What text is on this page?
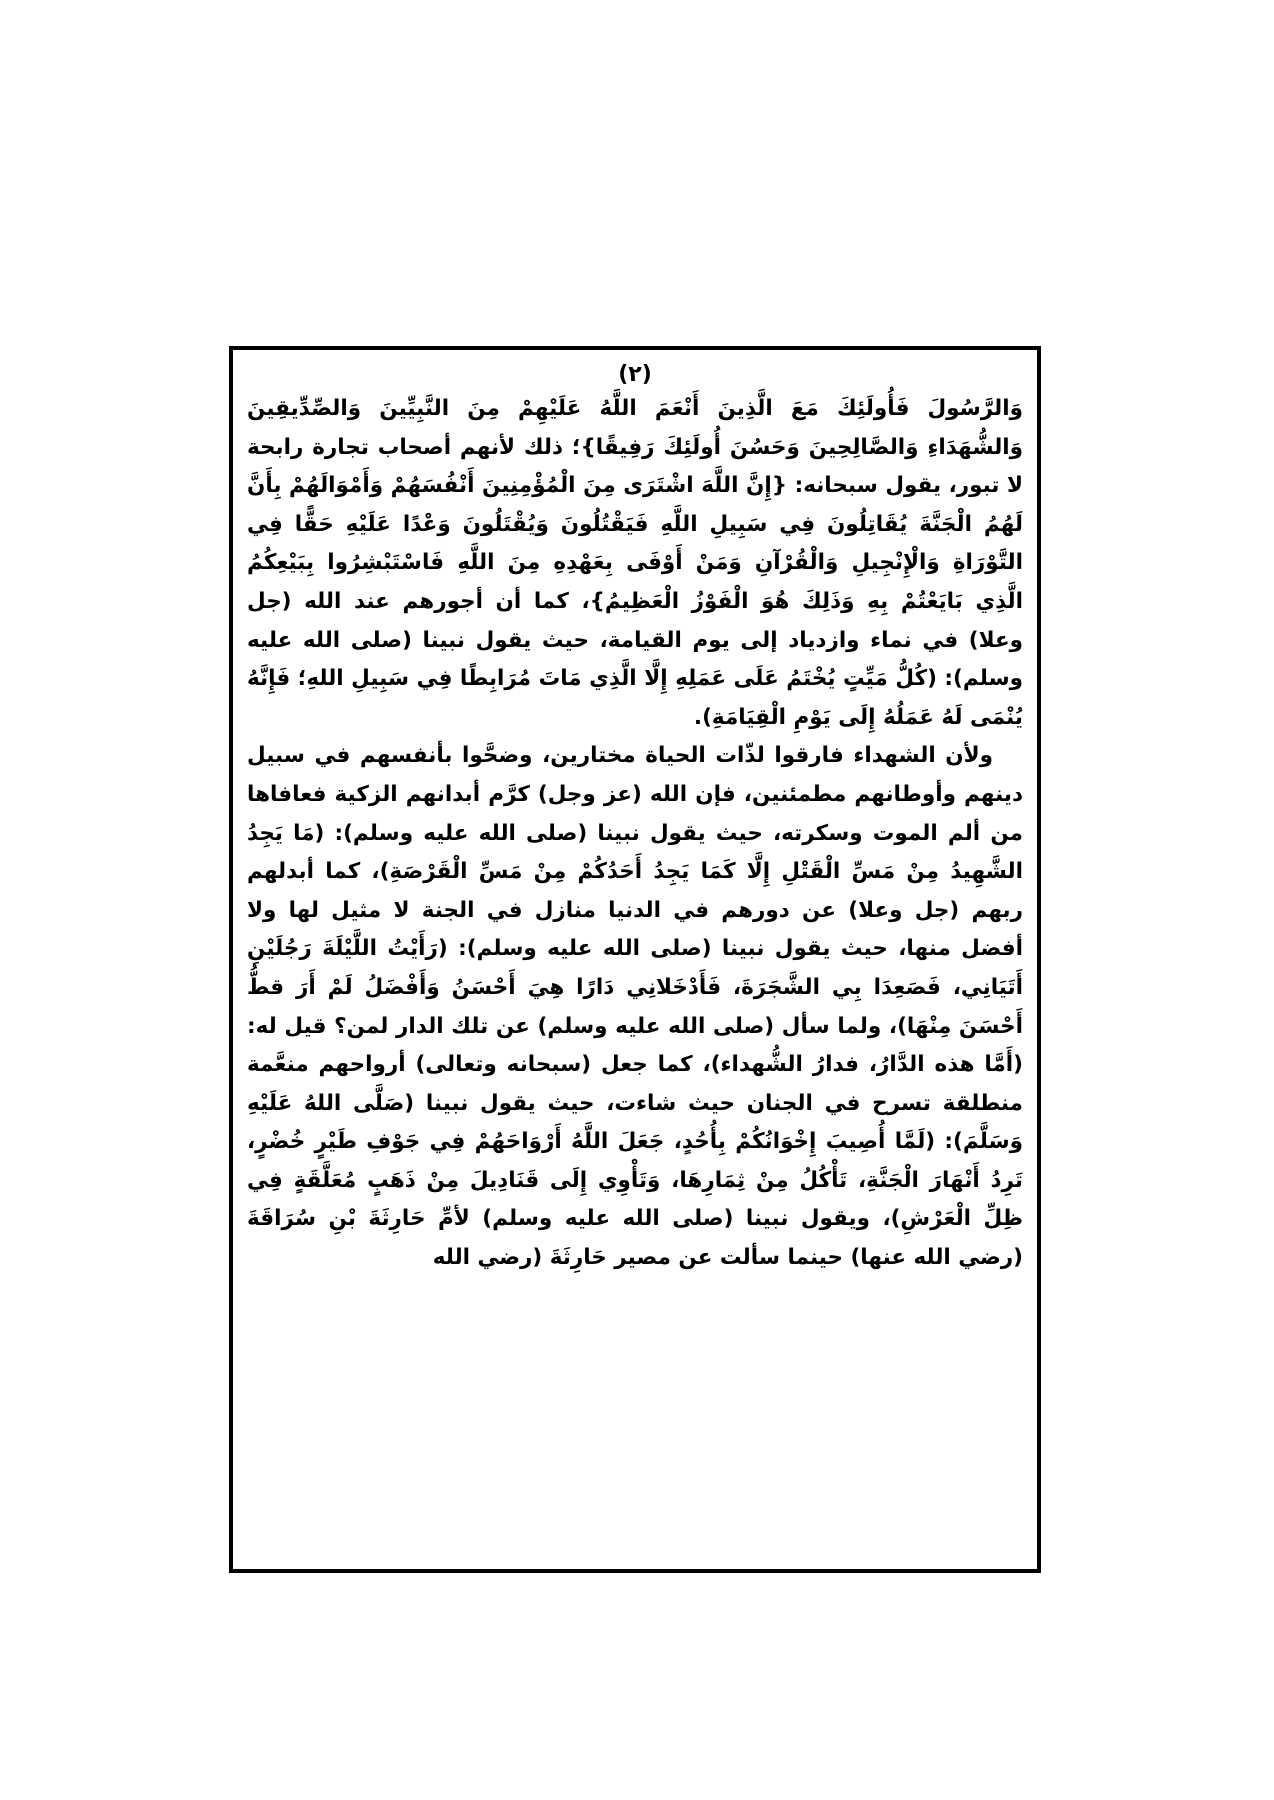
(٢)

وَالرَّسُولَ فَأُولَئِكَ مَعَ الَّذِينَ أَنْعَمَ اللَّهُ عَلَيْهِمْ مِنَ النَّبِيِّينَ وَالصِّدِّيقِينَ وَالشُّهَدَاءِ وَالصَّالِحِينَ وَحَسُنَ أُولَئِكَ رَفِيقًا}؛ ذلك لأنهم أصحاب تجارة رابحة لا تبور، يقول سبحانه: {إِنَّ اللَّهَ اشْتَرَى مِنَ الْمُؤْمِنِينَ أَنْفُسَهُمْ وَأَمْوَالَهُمْ بِأَنَّ لَهُمُ الْجَنَّةَ يُقَاتِلُونَ فِي سَبِيلِ اللَّهِ فَيَقْتُلُونَ وَيُقْتَلُونَ وَعْدًا عَلَيْهِ حَقًّا فِي التَّوْرَاةِ وَالْإِنْجِيلِ وَالْقُرْآنِ وَمَنْ أَوْفَى بِعَهْدِهِ مِنَ اللَّهِ فَاسْتَبْشِرُوا بِبَيْعِكُمُ الَّذِي بَايَعْتُمْ بِهِ وَذَلِكَ هُوَ الْفَوْزُ الْعَظِيمُ}، كما أن أجورهم عند الله (جل وعلا) في نماء وازدياد إلى يوم القيامة، حيث يقول نبينا (صلى الله عليه وسلم): (كُلُّ مَيِّتٍ يُخْتَمُ عَلَى عَمَلِهِ إِلَّا الَّذِي مَاتَ مُرَابِطًا فِي سَبِيلِ اللهِ؛ فَإِنَّهُ يُنْمَى لَهُ عَمَلُهُ إِلَى يَوْمِ الْقِيَامَةِ).

ولأن الشهداء فارقوا لذّات الحياة مختارين، وضحَّوا بأنفسهم في سبيل دينهم وأوطانهم مطمئنين، فإن الله (عز وجل) كرَّم أبدانهم الزكية فعافاها من ألم الموت وسكرته، حيث يقول نبينا (صلى الله عليه وسلم): (مَا يَجِدُ الشَّهِيدُ مِنْ مَسِّ الْقَتْلِ إِلَّا كَمَا يَجِدُ أَحَدُكُمْ مِنْ مَسِّ الْقَرْصَةِ)، كما أبدلهم ربهم (جل وعلا) عن دورهم في الدنيا منازل في الجنة لا مثيل لها ولا أفضل منها، حيث يقول نبينا (صلى الله عليه وسلم): (رَأَيْتُ اللَّيْلَةَ رَجُلَيْنِ أَتَيَانِي، فَصَعِدَا بِي الشَّجَرَةَ، فَأَدْخَلانِي دَارًا هِيَ أَحْسَنُ وَأَفْضَلُ لَمْ أَرَ قطُّ أَحْسَنَ مِنْهَا)، ولما سأل (صلى الله عليه وسلم) عن تلك الدار لمن؟ قيل له: (أَمَّا هذه الدَّارُ، فدارُ الشُّهداء)، كما جعل (سبحانه وتعالى) أرواحهم منعَّمة منطلقة تسرح في الجنان حيث شاءت، حيث يقول نبينا (صَلَّى اللهُ عَلَيْهِ وَسَلَّمَ): (لَمَّا أُصِيبَ إِخْوَانُكُمْ بِأُحُدٍ، جَعَلَ اللَّهُ أَرْوَاحَهُمْ فِي جَوْفِ طَيْرٍ خُضْرٍ، تَرِدُ أَنْهَارَ الْجَنَّةِ، تَأْكُلُ مِنْ ثِمَارِهَا، وَتَأْوِي إِلَى قَنَادِيلَ مِنْ ذَهَبٍ مُعَلَّقَةٍ فِي ظِلِّ الْعَرْشِ)، ويقول نبينا (صلى الله عليه وسلم) لأمِّ حَارِثَةَ بْنِ سُرَاقَةَ (رضي الله عنها) حينما سألت عن مصير حَارِثَةَ (رضي الله
